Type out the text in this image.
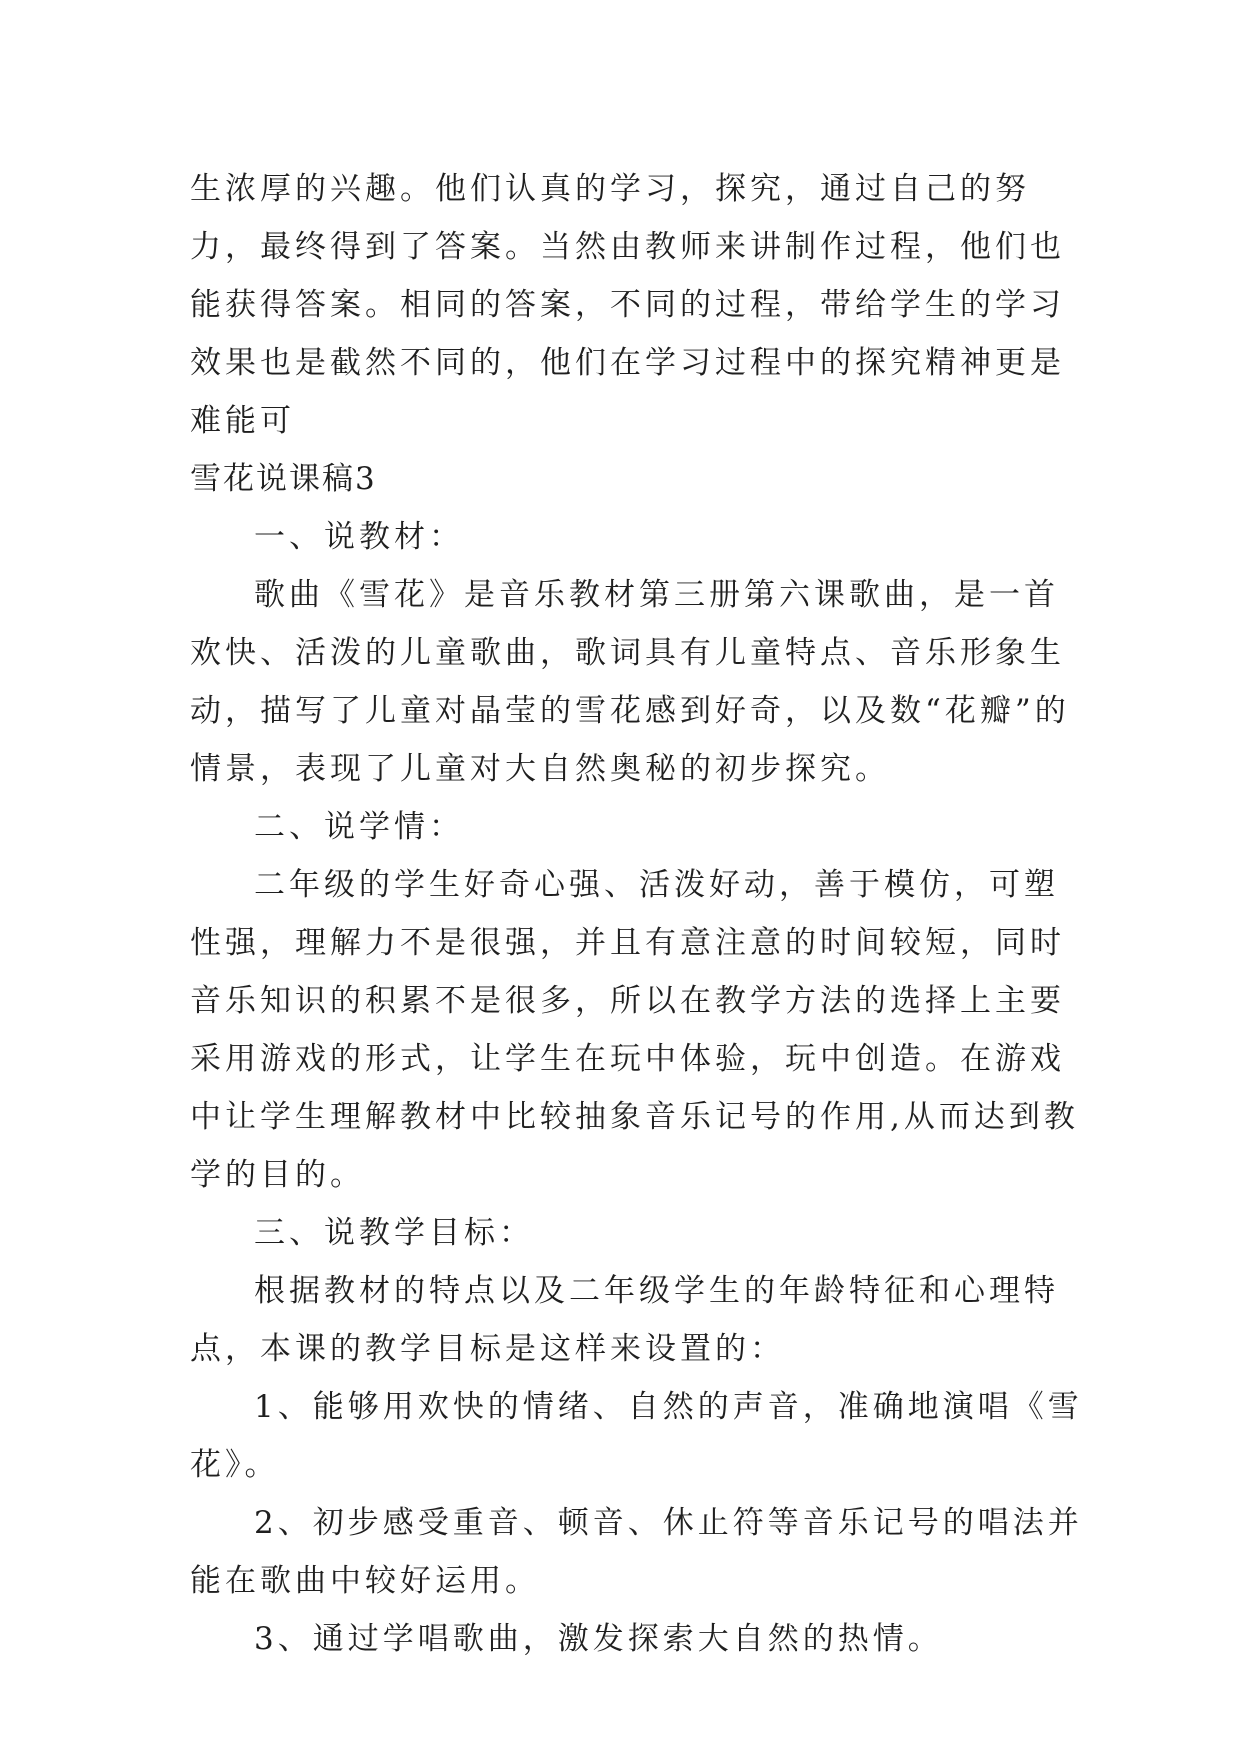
生浓厚的兴趣。他们认真的学习，探究，通过自己的努力，最终得到了答案。当然由教师来讲制作过程，他们也能获得答案。相同的答案，不同的过程，带给学生的学习效果也是截然不同的，他们在学习过程中的探究精神更是难能可

雪花说课稿3

一、说教材：

歌曲《雪花》是音乐教材第三册第六课歌曲，是一首欢快、活泼的儿童歌曲，歌词具有儿童特点、音乐形象生动，描写了儿童对晶莹的雪花感到好奇，以及数“花瓣”的情景，表现了儿童对大自然奥秘的初步探究。

二、说学情：

二年级的学生好奇心强、活泼好动，善于模仿，可塑性强，理解力不是很强，并且有意注意的时间较短，同时音乐知识的积累不是很多，所以在教学方法的选择上主要采用游戏的形式，让学生在玩中体验，玩中创造。在游戏中让学生理解教材中比较抽象音乐记号的作用,从而达到教学的目的。

三、说教学目标：

根据教材的特点以及二年级学生的年龄特征和心理特点，本课的教学目标是这样来设置的：

1、能够用欢快的情绪、自然的声音，准确地演唱《雪花》。

2、初步感受重音、顿音、休止符等音乐记号的唱法并能在歌曲中较好运用。

3、通过学唱歌曲，激发探索大自然的热情。
